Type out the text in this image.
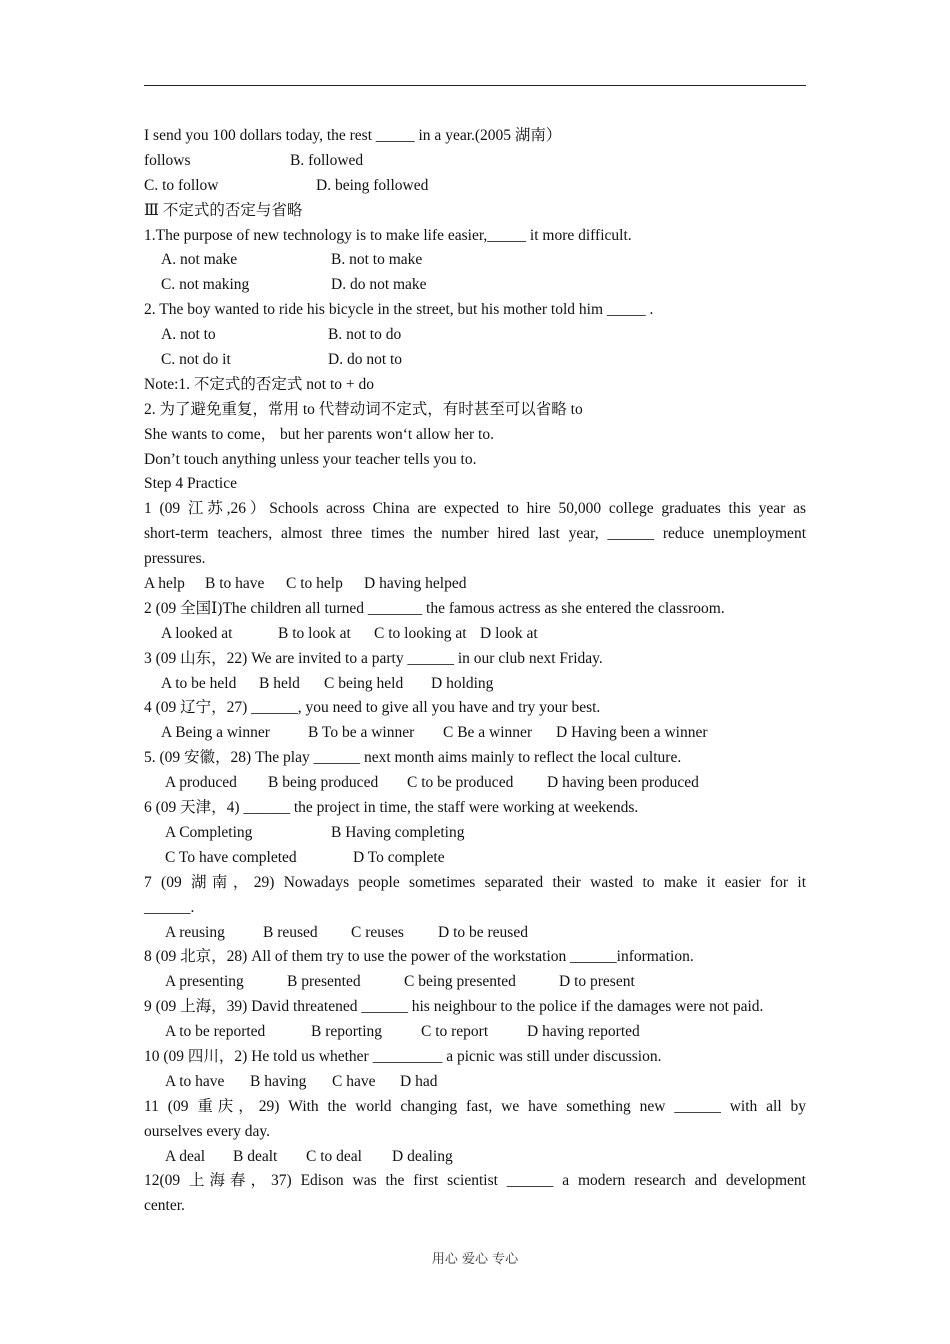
I send you 100 dollars today, the rest _____ in a year.(2005 湖南）
follows	B. followed
C. to follow	D. being followed
Ⅲ 不定式的否定与省略
1.The purpose of new technology is to make life easier,_____ it more difficult.
A. not make	B. not to make
C. not making	D. do not make
2. The boy wanted to ride his bicycle in the street, but his mother told him _____ .
A. not to	B. not to do
C. not do it	D. do not to
Note:1. 不定式的否定式 not to + do
2. 为了避免重复，常用 to 代替动词不定式，有时甚至可以省略 to
She wants to come， but her parents won‘t allow her to.
Don’t touch anything unless your teacher tells you to.
Step 4 Practice
1 (09 江苏,26）Schools across China are expected to hire 50,000 college graduates this year as
short-term teachers, almost three times the number hired last year, ______ reduce unemployment
pressures.
A help B to have C to help D having helped
2 (09 全国Ⅰ)The children all turned _______ the famous actress as she entered the classroom.
A looked at	B to look at C to looking at D look at
3 (09 山东，22) We are invited to a party ______ in our club next Friday.
A to be held B held C being held D holding
4 (09 辽宁，27) ______, you need to give all you have and try your best.
A Being a winner B To be a winner C Be a winner D Having been a winner
5. (09 安徽，28) The play ______ next month aims mainly to reflect the local culture.
A produced B being produced C to be produced D having been produced
6 (09 天津，4) ______ the project in time, the staff were working at weekends.
A Completing	B Having completing
C To have completed	D To complete
7 (09 湖南，29) Nowadays people sometimes separated their wasted to make it easier for it
______.
A reusing B reused C reuses D to be reused
8 (09 北京，28) All of them try to use the power of the workstation ______information.
A presenting	B presented	C being presented	D to present
9 (09 上海，39) David threatened ______ his neighbour to the police if the damages were not paid.
A to be reported	B reporting	C to report	D having reported
10 (09 四川，2) He told us whether _________ a picnic was still under discussion.
A to have B having C have D had
11 (09 重庆，29) With the world changing fast, we have something new ______ with all by
ourselves every day.
A deal B dealt C to deal D dealing
12(09 上海春，37) Edison was the first scientist ______ a modern research and development
center.
用心 爱心 专心
